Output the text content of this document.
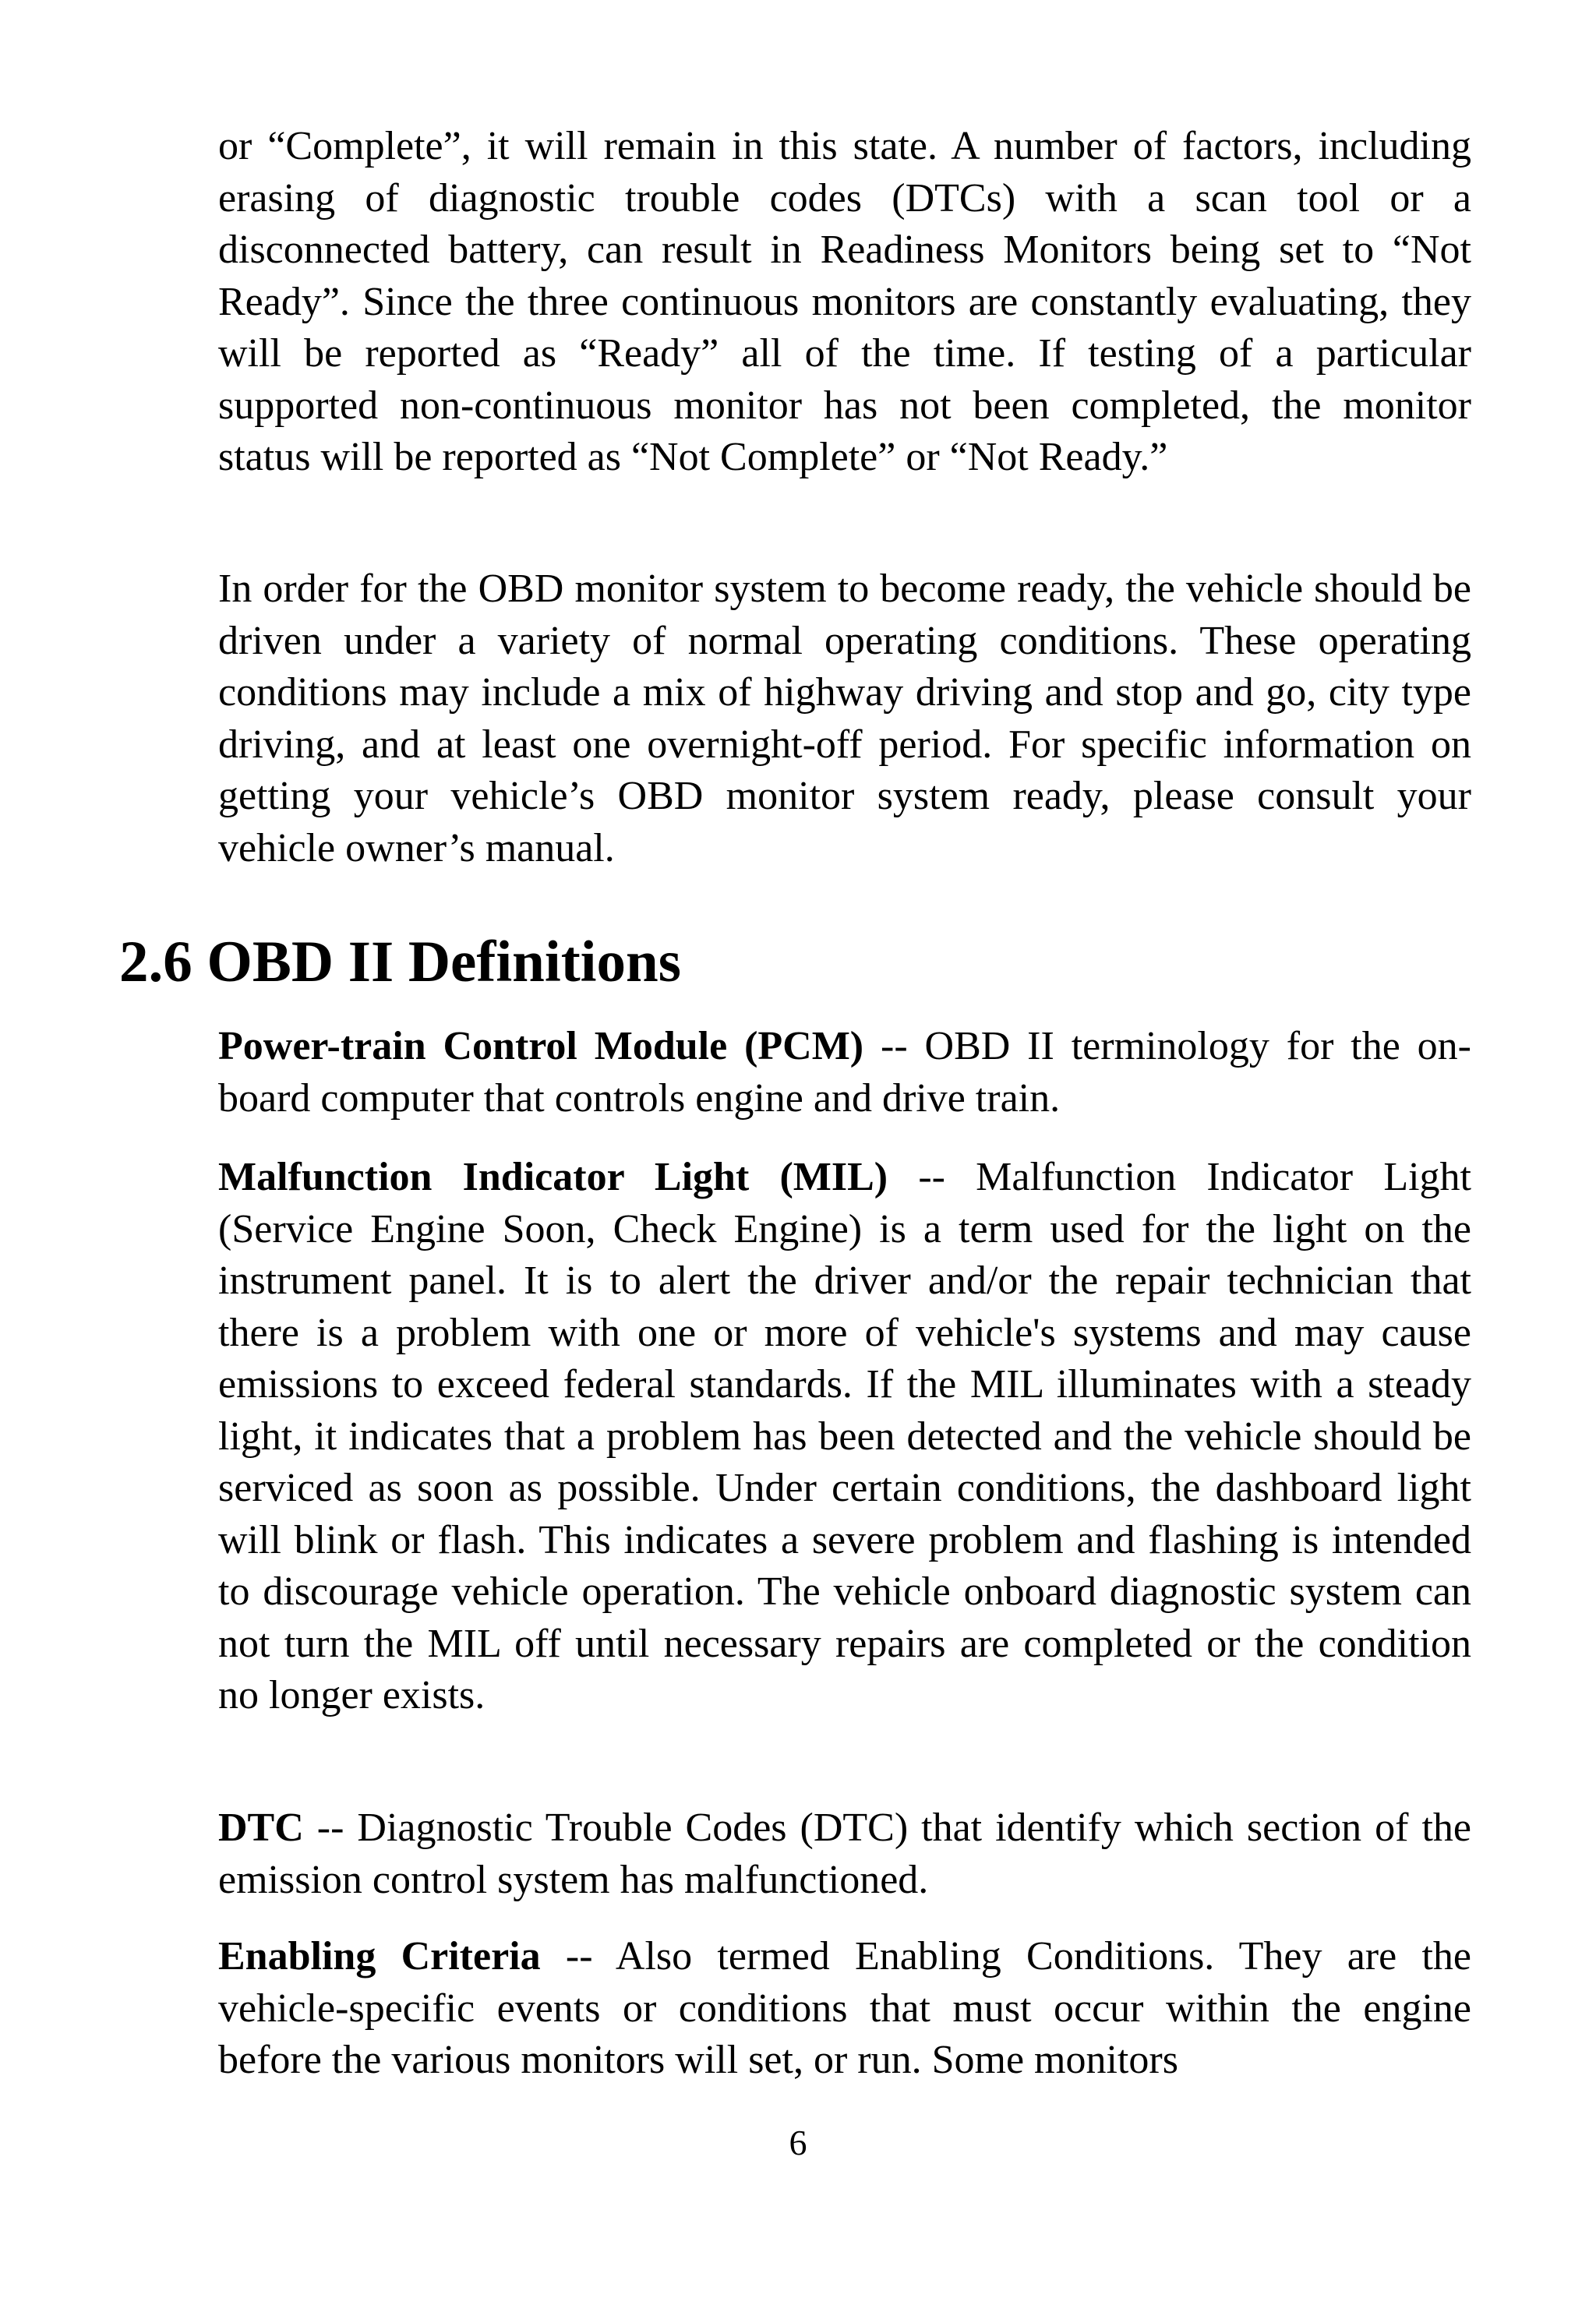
or “Complete”, it will remain in this state. A number of factors, including erasing of diagnostic trouble codes (DTCs) with a scan tool or a disconnected battery, can result in Readiness Monitors being set to “Not Ready”. Since the three continuous monitors are constantly evaluating, they will be reported as “Ready” all of the time. If testing of a particular supported non-continuous monitor has not been completed, the monitor status will be reported as “Not Complete” or “Not Ready.”

In order for the OBD monitor system to become ready, the vehicle should be driven under a variety of normal operating conditions. These operating conditions may include a mix of highway driving and stop and go, city type driving, and at least one overnight-off period. For specific information on getting your vehicle’s OBD monitor system ready, please consult your vehicle owner’s manual.

2.6 OBD II Definitions

Power-train Control Module (PCM) -- OBD II terminology for the on-board computer that controls engine and drive train.

Malfunction Indicator Light (MIL) -- Malfunction Indicator Light (Service Engine Soon, Check Engine) is a term used for the light on the instrument panel. It is to alert the driver and/or the repair technician that there is a problem with one or more of vehicle's systems and may cause emissions to exceed federal standards. If the MIL illuminates with a steady light, it indicates that a problem has been detected and the vehicle should be serviced as soon as possible. Under certain conditions, the dashboard light will blink or flash. This indicates a severe problem and flashing is intended to discourage vehicle operation. The vehicle onboard diagnostic system can not turn the MIL off until necessary repairs are completed or the condition no longer exists.

DTC -- Diagnostic Trouble Codes (DTC) that identify which section of the emission control system has malfunctioned.

Enabling Criteria -- Also termed Enabling Conditions. They are the vehicle-specific events or conditions that must occur within the engine before the various monitors will set, or run. Some monitors

6
